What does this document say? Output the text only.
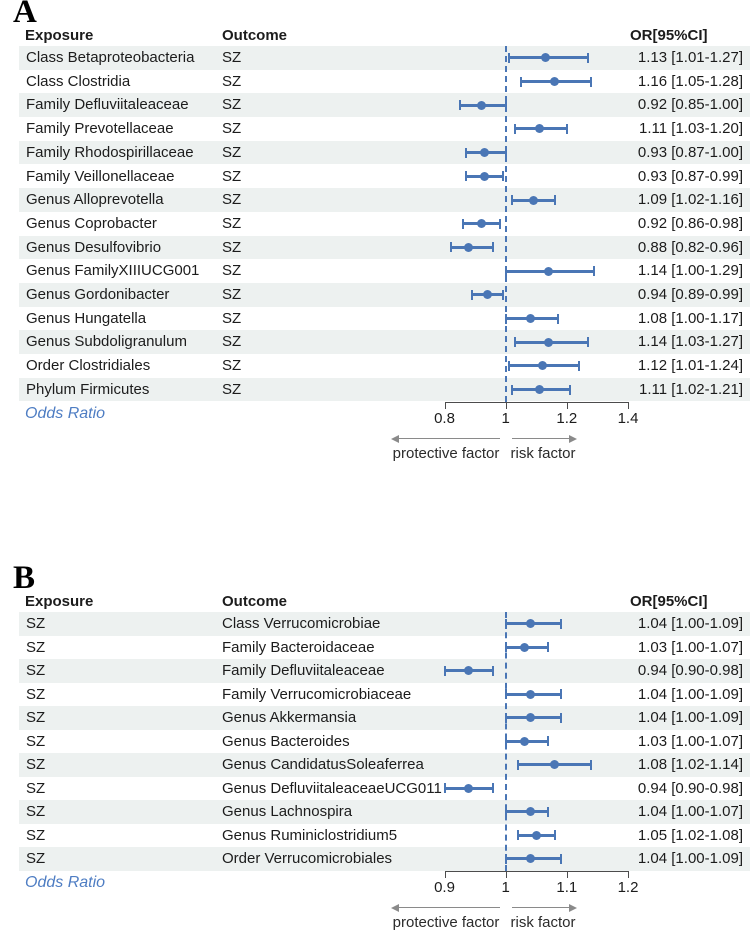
A
Exposure	Outcome	OR[95%CI]
Class Betaproteobacteria SZ	1.13 [1.01-1.27]
Class Clostridia	SZ	1.16 [1.05-1.28]
Family Defluviitaleaceae SZ	0.92 [0.85-1.00]
Family Prevotellaceae	SZ	1.11 [1.03-1.20]
Family Rhodospirillaceae SZ	0.93 [0.87-1.00]
Family Veillonellaceae	SZ	0.93 [0.87-0.99]
Genus Alloprevotella	SZ	1.09 [1.02-1.16]
Genus Coprobacter	SZ	0.92 [0.86-0.98]
Genus Desulfovibrio	SZ	0.88 [0.82-0.96]
Genus FamilyXIIIUCG001 SZ	1.14 [1.00-1.29]
Genus Gordonibacter	SZ	0.94 [0.89-0.99]
Genus Hungatella	SZ	1.08 [1.00-1.17]
Genus Subdoligranulum SZ	1.14 [1.03-1.27]
Order Clostridiales	SZ	1.12 [1.01-1.24]
Phylum Firmicutes	SZ	1.11 [1.02-1.21]
0.8	1	1.2	1.4
Odds Ratio
protective factor risk factor
B
Exposure	Outcome	OR[95%CI]
SZ	Class Verrucomicrobiae	1.04 [1.00-1.09]
SZ	Family Bacteroidaceae	1.03 [1.00-1.07]
SZ	Family Defluviitaleaceae	0.94 [0.90-0.98]
SZ	Family Verrucomicrobiaceae	1.04 [1.00-1.09]
SZ	Genus Akkermansia	1.04 [1.00-1.09]
SZ	Genus Bacteroides	1.03 [1.00-1.07]
SZ	Genus CandidatusSoleaferrea	1.08 [1.02-1.14]
SZ	Genus DefluviitaleaceaeUCG011	0.94 [0.90-0.98]
SZ	Genus Lachnospira	1.04 [1.00-1.07]
SZ	Genus Ruminiclostridium5	1.05 [1.02-1.08]
SZ	Order Verrucomicrobiales	1.04 [1.00-1.09]
0.9	1	1.1	1.2
Odds Ratio
protective factor risk factor
